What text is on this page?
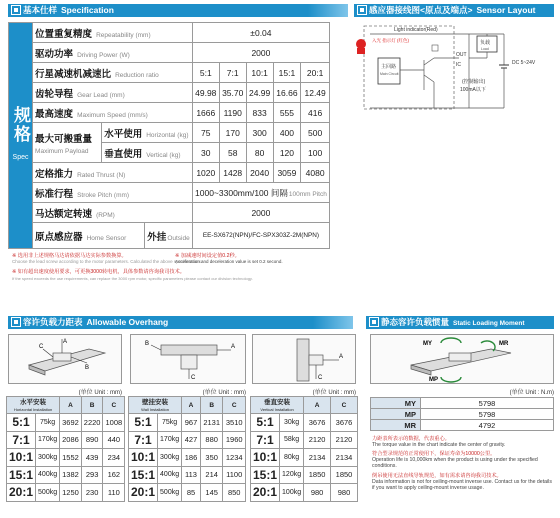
基本仕样 Specification
规格
Spec	位置重复精度 Repeatability (mm)			±0.04				
	驱动功率 Driving Power (W)			2000				
	行星减速机减速比 Reduction ratio			5:1	7:1	10:1	15:1	20:1
	齿轮导程 Gear Lead (mm)			49.98	35.70	24.99	16.66	12.49
	最高速度 Maximum Speed (mm/s)			1666	1190	833	555	416
	最大可搬重量
Maximum Payload	水平使用 Horizontal (kg)		75	170	300	400	500
		垂直使用 Vertical (kg)		30	58	80	120	100
	定格推力 Rated Thrust (N)			1020	1428	2040	3059	4080
	标准行程 Stroke Pitch (mm)			1000~3300mm/100 间隔100mm Pitch				
	马达额定转速 (RPM)			2000				
	原点感应器 Home Sensor		外挂Outside	EE-SX672(NPN)/FC-SPX303Z-2M(NPN)				
※ 选用非上述规格马达请依据马达实际参数换算。
Choose the lead screw according to the motor parameters. Calculated the above specifications.
※ 加减速时间设定值0.2秒。
Acceleration and deceleration value is set 0.2 second.
※ 如有超出速度使用要求，可更换3000转电机，具体参数请咨询我司技术。
If the speed exceeds the use requirements, can replace the 3000 rpm motor, specific parameters please contact our division technology.
感应器接线图<原点及端点> Sensor Layout
入光 指示灯 (红色)
Light indicator(Red)
主回路
Main Circuit
OUT
IC
负载
Load
DC 5~24V
(控制输出)
100mA以下
容许负载力距表 Allowable Overhang
A
B
C	A
C
B
A
C
(单位 Unit : mm)	(单位 Unit : mm)	(单位 Unit : mm)
水平安装
Horizontal Installation		A	B	C
5:1	75kg	3692	2220	1008
7:1	170kg	2086	890	440
10:1	300kg	1552	439	234
15:1	400kg	1382	293	162
20:1	500kg	1250	230	110
壁挂安装
Wall Installation		A	B	C
5:1	75kg	967	2131	3510
7:1	170kg	427	880	1960
10:1	300kg	186	350	1234
15:1	400kg	113	214	1100
20:1	500kg	85	145	850
垂直安装
Vertical Installation		A	C
5:1	30kg	3676	3676
7:1	58kg	2120	2120
10:1	80kg	2134	2134
15:1	120kg	1850	1850
20:1	100kg	980	980
静态容许负载惯量 Static Loading Moment
MY	MR
MP
(单位 Unit : N.m)
MY	5798
MP	5798
MR	4792
力距表所表示的数据，代表重心。
The torque value in the chart indicate the center of gravity.
符合型录规范的正常使用下，保证寿命为10000公里。
Operation life is 10,000km when the product is using under the specified conditions.
倒吊使用无法直线导轨规范，如有需求请咨询我司技术。
Data information is not for ceiling-mount inverse use. Contact us for the details if you want to apply ceiling-mount inverse usage.
